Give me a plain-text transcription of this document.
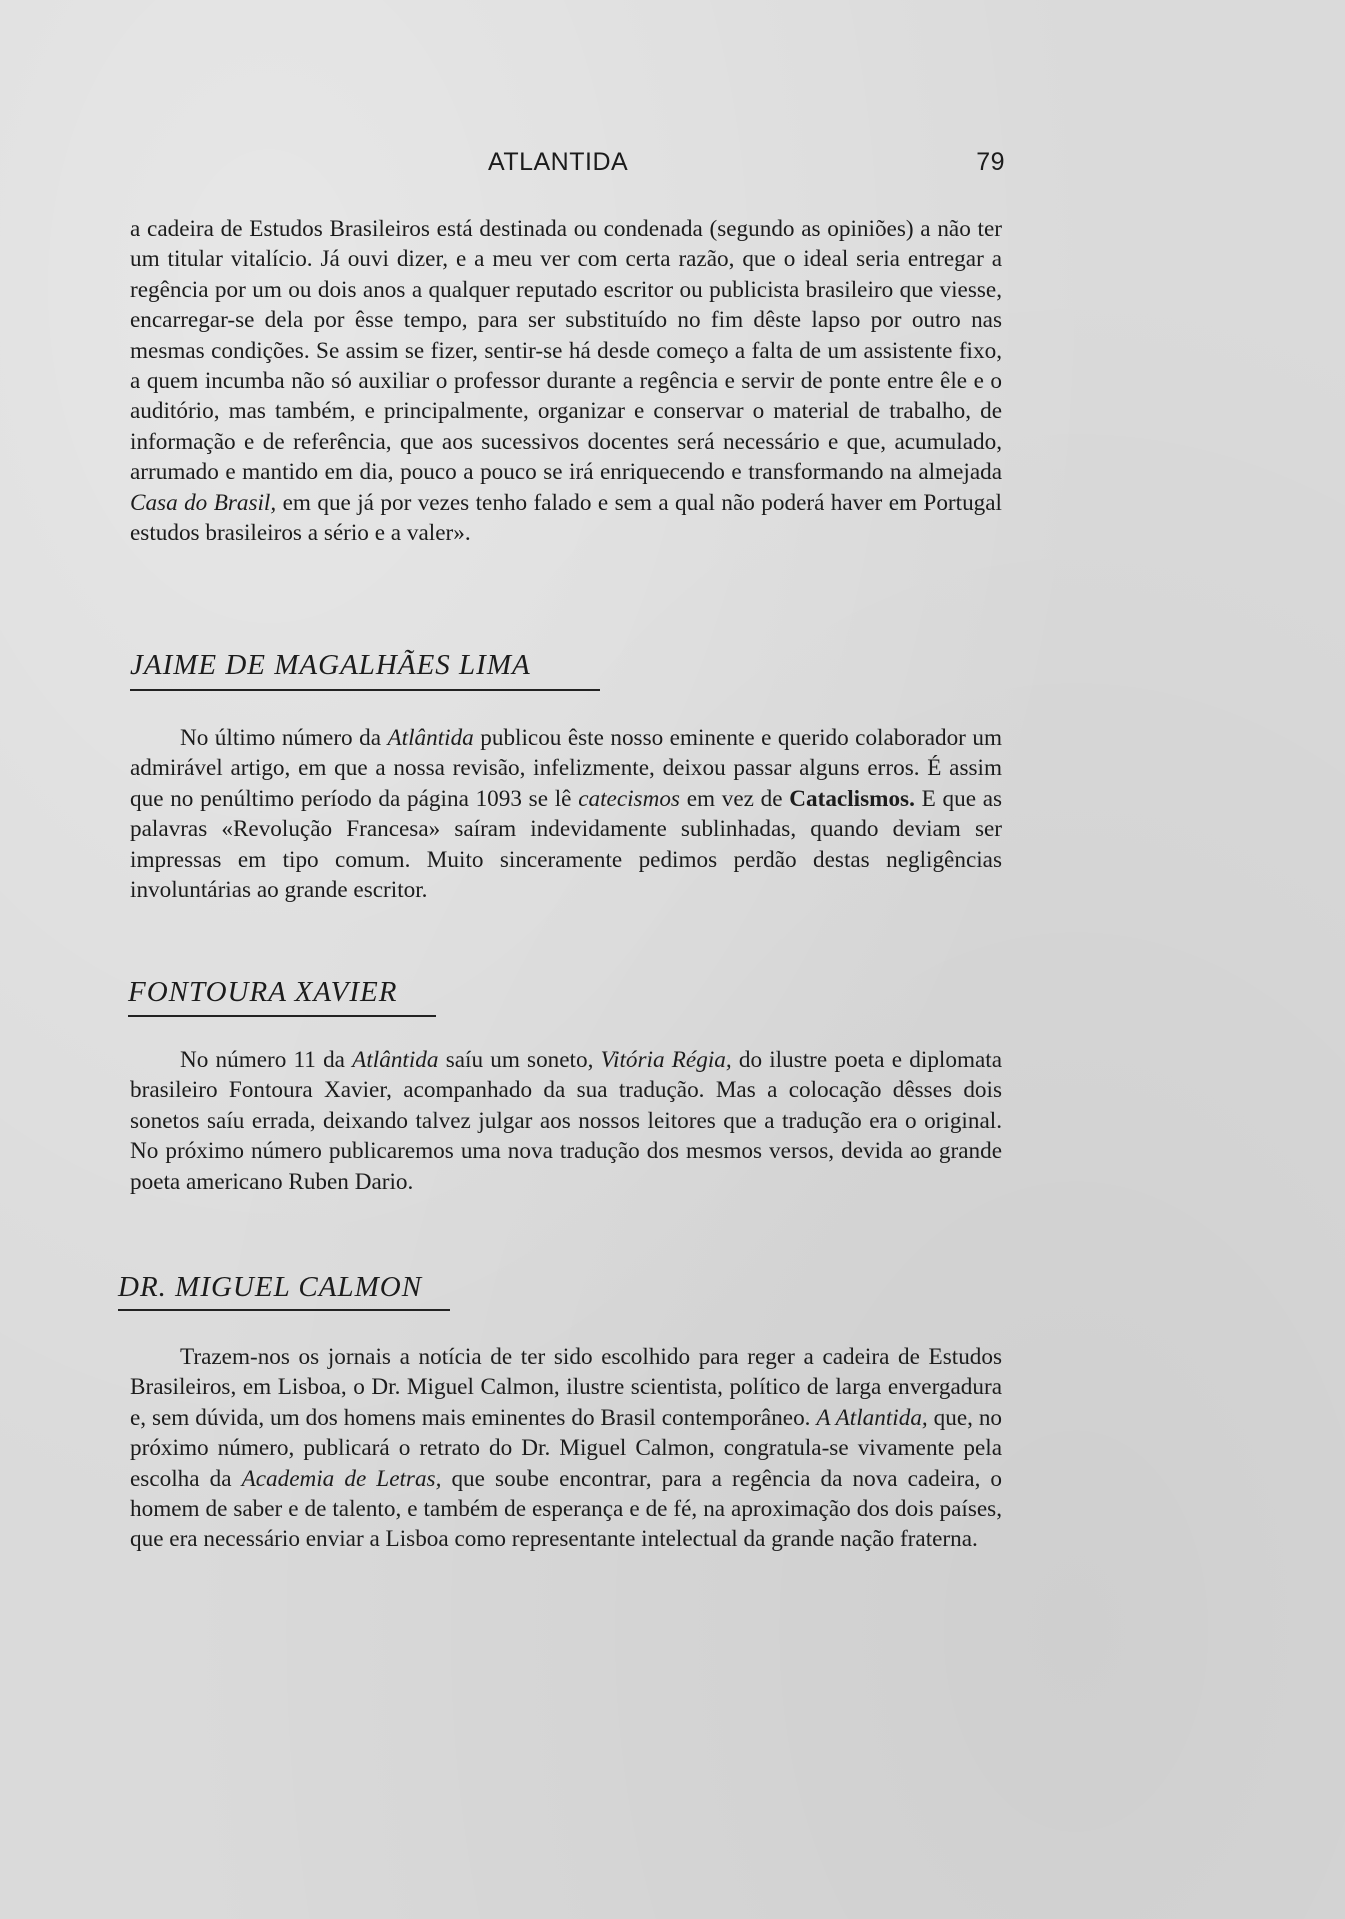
ATLANTIDA	79

a cadeira de Estudos Brasileiros está destinada ou condenada (segundo as opiniões) a não ter um titular vitalício. Já ouvi dizer, e a meu ver com certa razão, que o ideal seria entregar a regência por um ou dois anos a qualquer reputado escritor ou publicista brasileiro que viesse, encarregar-se dela por êsse tempo, para ser substituído no fim dêste lapso por outro nas mesmas condições. Se assim se fizer, sentir-se há desde começo a falta de um assistente fixo, a quem incumba não só auxiliar o professor durante a regência e servir de ponte entre êle e o auditório, mas também, e principalmente, organizar e conservar o material de trabalho, de informação e de referência, que aos sucessivos docentes será necessário e que, acumulado, arrumado e mantido em dia, pouco a pouco se irá enriquecendo e transformando na almejada Casa do Brasil, em que já por vezes tenho falado e sem a qual não poderá haver em Portugal estudos brasileiros a sério e a valer».

JAIME DE MAGALHÃES LIMA

No último número da Atlântida publicou êste nosso eminente e querido colaborador um admirável artigo, em que a nossa revisão, infelizmente, deixou passar alguns erros. É assim que no penúltimo período da página 1093 se lê catecismos em vez de Cataclismos. E que as palavras «Revolução Francesa» saíram indevidamente sublinhadas, quando deviam ser impressas em tipo comum. Muito sinceramente pedimos perdão destas negligências involuntárias ao grande escritor.

FONTOURA XAVIER

No número 11 da Atlântida saíu um soneto, Vitória Régia, do ilustre poeta e diplomata brasileiro Fontoura Xavier, acompanhado da sua tradução. Mas a colocação dêsses dois sonetos saíu errada, deixando talvez julgar aos nossos leitores que a tradução era o original. No próximo número publicaremos uma nova tradução dos mesmos versos, devida ao grande poeta americano Ruben Dario.

DR. MIGUEL CALMON

Trazem-nos os jornais a notícia de ter sido escolhido para reger a cadeira de Estudos Brasileiros, em Lisboa, o Dr. Miguel Calmon, ilustre scientista, político de larga envergadura e, sem dúvida, um dos homens mais eminentes do Brasil contemporâneo. A Atlantida, que, no próximo número, publicará o retrato do Dr. Miguel Calmon, congratula-se vivamente pela escolha da Academia de Letras, que soube encontrar, para a regência da nova cadeira, o homem de saber e de talento, e também de esperança e de fé, na aproximação dos dois países, que era necessário enviar a Lisboa como representante intelectual da grande nação fraterna.
